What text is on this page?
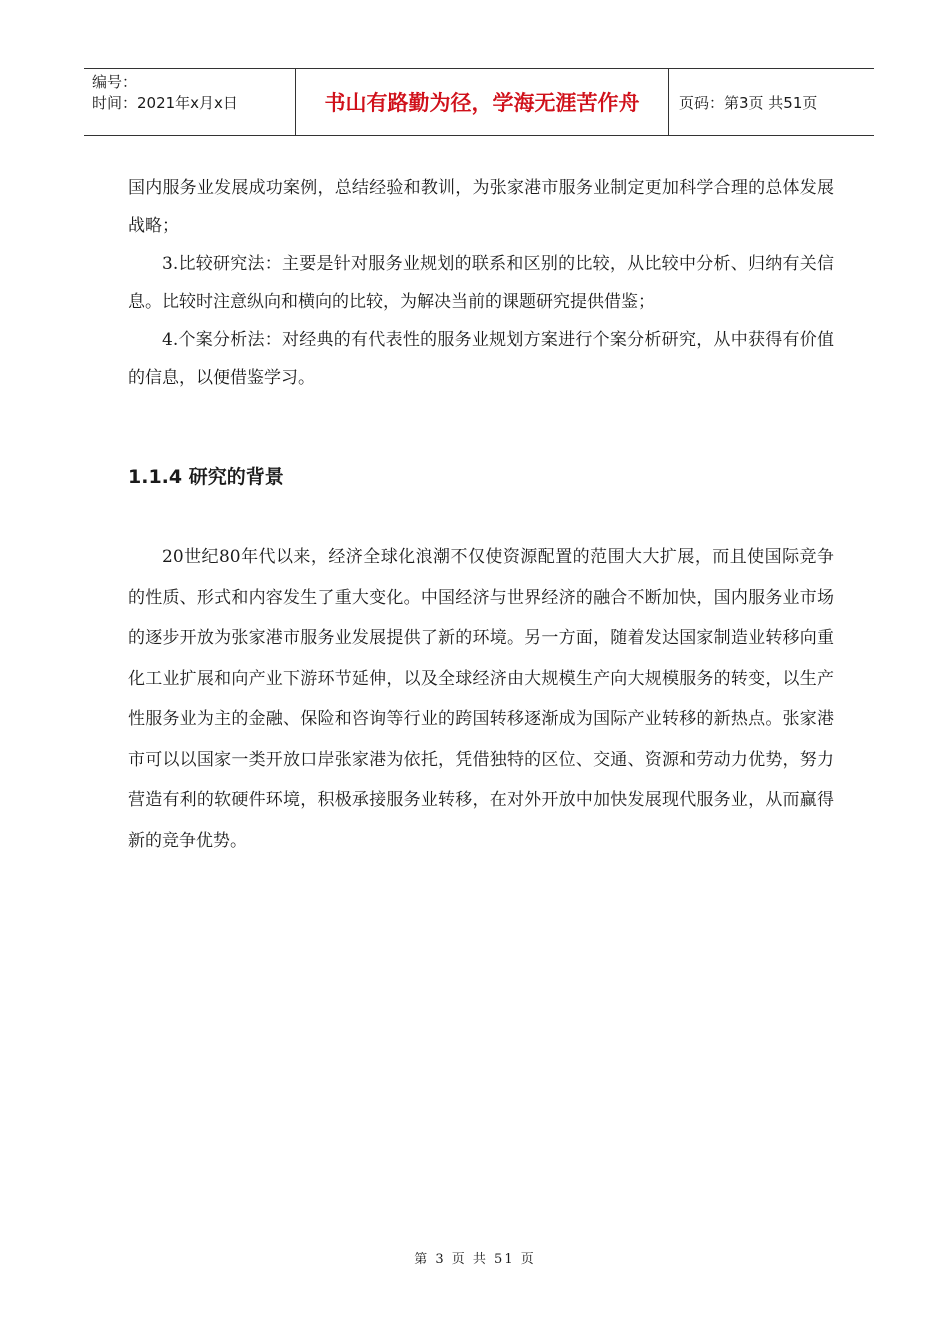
编号：
时间：2021年x月x日	书山有路勤为径，学海无涯苦作舟	页码：第3页 共51页

国内服务业发展成功案例，总结经验和教训，为张家港市服务业制定更加科学合理的总体发展战略；

3.比较研究法：主要是针对服务业规划的联系和区别的比较，从比较中分析、归纳有关信息。比较时注意纵向和横向的比较，为解决当前的课题研究提供借鉴；

4.个案分析法：对经典的有代表性的服务业规划方案进行个案分析研究，从中获得有价值的信息，以便借鉴学习。

1.1.4 研究的背景

20世纪80年代以来，经济全球化浪潮不仅使资源配置的范围大大扩展，而且使国际竞争的性质、形式和内容发生了重大变化。中国经济与世界经济的融合不断加快，国内服务业市场的逐步开放为张家港市服务业发展提供了新的环境。另一方面，随着发达国家制造业转移向重化工业扩展和向产业下游环节延伸，以及全球经济由大规模生产向大规模服务的转变，以生产性服务业为主的金融、保险和咨询等行业的跨国转移逐渐成为国际产业转移的新热点。张家港市可以以国家一类开放口岸张家港为依托，凭借独特的区位、交通、资源和劳动力优势，努力营造有利的软硬件环境，积极承接服务业转移，在对外开放中加快发展现代服务业，从而赢得新的竞争优势。

第 3 页 共 51 页
